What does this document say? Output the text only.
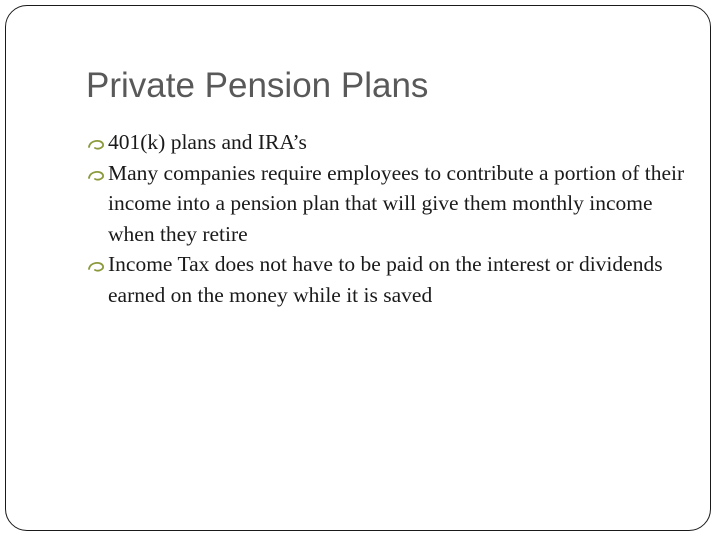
Private Pension Plans
401(k) plans and IRA’s
Many companies require employees to contribute a portion of their income into a pension plan that will give them monthly income when they retire
Income Tax does not have to be paid on the interest or dividends earned on the money while it is saved
